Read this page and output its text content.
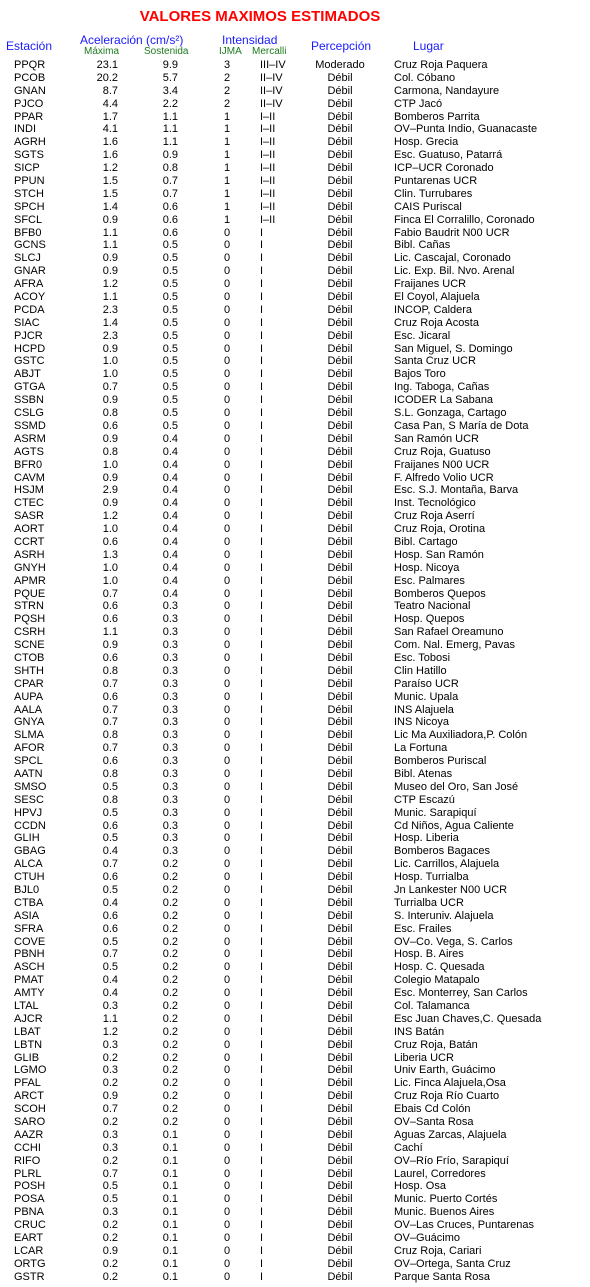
VALORES MAXIMOS ESTIMADOS
Estación Aceleración (cm/s²)
Máxima Sostenida
Intensidad
IJMA Mercalli Percepción	Lugar
PPQR	23.1	9.9	3	III–IV	Moderado	Cruz Roja Paquera
PCOB	20.2	5.7	2	II–IV	Débil	Col. Cóbano
GNAN	8.7	3.4	2	II–IV	Débil	Carmona, Nandayure
PJCO	4.4	2.2	2	II–IV	Débil	CTP Jacó
PPAR	1.7	1.1	1	I–II	Débil	Bomberos Parrita
INDI	4.1	1.1	1	I–II	Débil	OV–Punta Indio, Guanacaste
AGRH	1.6	1.1	1	I–II	Débil	Hosp. Grecia
SGTS	1.6	0.9	1	I–II	Débil	Esc. Guatuso, Patarrá
SICP	1.2	0.8	1	I–II	Débil	ICP–UCR Coronado
PPUN	1.5	0.7	1	I–II	Débil	Puntarenas UCR
STCH	1.5	0.7	1	I–II	Débil	Clin. Turrubares
SPCH	1.4	0.6	1	I–II	Débil	CAIS Puriscal
SFCL	0.9	0.6	1	I–II	Débil	Finca El Corralillo, Coronado
BFB0	1.1	0.6	0	I	Débil	Fabio Baudrit N00 UCR
GCNS	1.1	0.5	0	I	Débil	Bibl. Cañas
SLCJ	0.9	0.5	0	I	Débil	Lic. Cascajal, Coronado
GNAR	0.9	0.5	0	I	Débil	Lic. Exp. Bil. Nvo. Arenal
AFRA	1.2	0.5	0	I	Débil	Fraijanes UCR
ACOY	1.1	0.5	0	I	Débil	El Coyol, Alajuela
PCDA	2.3	0.5	0	I	Débil	INCOP, Caldera
SIAC	1.4	0.5	0	I	Débil	Cruz Roja Acosta
PJCR	2.3	0.5	0	I	Débil	Esc. Jicaral
HCPD	0.9	0.5	0	I	Débil	San Miguel, S. Domingo
GSTC	1.0	0.5	0	I	Débil	Santa Cruz UCR
ABJT	1.0	0.5	0	I	Débil	Bajos Toro
GTGA	0.7	0.5	0	I	Débil	Ing. Taboga, Cañas
SSBN	0.9	0.5	0	I	Débil	ICODER La Sabana
CSLG	0.8	0.5	0	I	Débil	S.L. Gonzaga, Cartago
SSMD	0.6	0.5	0	I	Débil	Casa Pan, S María de Dota
ASRM	0.9	0.4	0	I	Débil	San Ramón UCR
AGTS	0.8	0.4	0	I	Débil	Cruz Roja, Guatuso
BFR0	1.0	0.4	0	I	Débil	Fraijanes N00 UCR
CAVM	0.9	0.4	0	I	Débil	F. Alfredo Volio UCR
HSJM	2.9	0.4	0	I	Débil	Esc. S.J. Montaña, Barva
CTEC	0.9	0.4	0	I	Débil	Inst. Tecnológico
SASR	1.2	0.4	0	I	Débil	Cruz Roja Aserrí
AORT	1.0	0.4	0	I	Débil	Cruz Roja, Orotina
CCRT	0.6	0.4	0	I	Débil	Bibl. Cartago
ASRH	1.3	0.4	0	I	Débil	Hosp. San Ramón
GNYH	1.0	0.4	0	I	Débil	Hosp. Nicoya
APMR	1.0	0.4	0	I	Débil	Esc. Palmares
PQUE	0.7	0.4	0	I	Débil	Bomberos Quepos
STRN	0.6	0.3	0	I	Débil	Teatro Nacional
PQSH	0.6	0.3	0	I	Débil	Hosp. Quepos
CSRH	1.1	0.3	0	I	Débil	San Rafael Oreamuno
SCNE	0.9	0.3	0	I	Débil	Com. Nal. Emerg, Pavas
CTOB	0.6	0.3	0	I	Débil	Esc. Tobosi
SHTH	0.8	0.3	0	I	Débil	Clin Hatillo
CPAR	0.7	0.3	0	I	Débil	Paraíso UCR
AUPA	0.6	0.3	0	I	Débil	Munic. Upala
AALA	0.7	0.3	0	I	Débil	INS Alajuela
GNYA	0.7	0.3	0	I	Débil	INS Nicoya
SLMA	0.8	0.3	0	I	Débil	Lic Ma Auxiliadora,P. Colón
AFOR	0.7	0.3	0	I	Débil	La Fortuna
SPCL	0.6	0.3	0	I	Débil	Bomberos Puriscal
AATN	0.8	0.3	0	I	Débil	Bibl. Atenas
SMSO	0.5	0.3	0	I	Débil	Museo del Oro, San José
SESC	0.8	0.3	0	I	Débil	CTP Escazú
HPVJ	0.5	0.3	0	I	Débil	Munic. Sarapiquí
CCDN	0.6	0.3	0	I	Débil	Cd Niños, Agua Caliente
GLIH	0.5	0.3	0	I	Débil	Hosp. Liberia
GBAG	0.4	0.3	0	I	Débil	Bomberos Bagaces
ALCA	0.7	0.2	0	I	Débil	Lic. Carrillos, Alajuela
CTUH	0.6	0.2	0	I	Débil	Hosp. Turrialba
BJL0	0.5	0.2	0	I	Débil	Jn Lankester N00 UCR
CTBA	0.4	0.2	0	I	Débil	Turrialba UCR
ASIA	0.6	0.2	0	I	Débil	S. Interuniv. Alajuela
SFRA	0.6	0.2	0	I	Débil	Esc. Frailes
COVE	0.5	0.2	0	I	Débil	OV–Co. Vega, S. Carlos
PBNH	0.7	0.2	0	I	Débil	Hosp. B. Aires
ASCH	0.5	0.2	0	I	Débil	Hosp. C. Quesada
PMAT	0.4	0.2	0	I	Débil	Colegio Matapalo
AMTY	0.4	0.2	0	I	Débil	Esc. Monterrey, San Carlos
LTAL	0.3	0.2	0	I	Débil	Col. Talamanca
AJCR	1.1	0.2	0	I	Débil	Esc Juan Chaves,C. Quesada
LBAT	1.2	0.2	0	I	Débil	INS Batán
LBTN	0.3	0.2	0	I	Débil	Cruz Roja, Batán
GLIB	0.2	0.2	0	I	Débil	Liberia UCR
LGMO	0.3	0.2	0	I	Débil	Univ Earth, Guácimo
PFAL	0.2	0.2	0	I	Débil	Lic. Finca Alajuela,Osa
ARCT	0.9	0.2	0	I	Débil	Cruz Roja Río Cuarto
SCOH	0.7	0.2	0	I	Débil	Ebais Cd Colón
SARO	0.2	0.2	0	I	Débil	OV–Santa Rosa
AAZR	0.3	0.1	0	I	Débil	Aguas Zarcas, Alajuela
CCHI	0.3	0.1	0	I	Débil	Cachí
RIFO	0.2	0.1	0	I	Débil	OV–Río Frío, Sarapiquí
PLRL	0.7	0.1	0	I	Débil	Laurel, Corredores
POSH	0.5	0.1	0	I	Débil	Hosp. Osa
POSA	0.5	0.1	0	I	Débil	Munic. Puerto Cortés
PBNA	0.3	0.1	0	I	Débil	Munic. Buenos Aires
CRUC	0.2	0.1	0	I	Débil	OV–Las Cruces, Puntarenas
EART	0.2	0.1	0	I	Débil	OV–Guácimo
LCAR	0.9	0.1	0	I	Débil	Cruz Roja, Cariari
ORTG	0.2	0.1	0	I	Débil	OV–Ortega, Santa Cruz
GSTR	0.2	0.1	0	I	Débil	Parque Santa Rosa
